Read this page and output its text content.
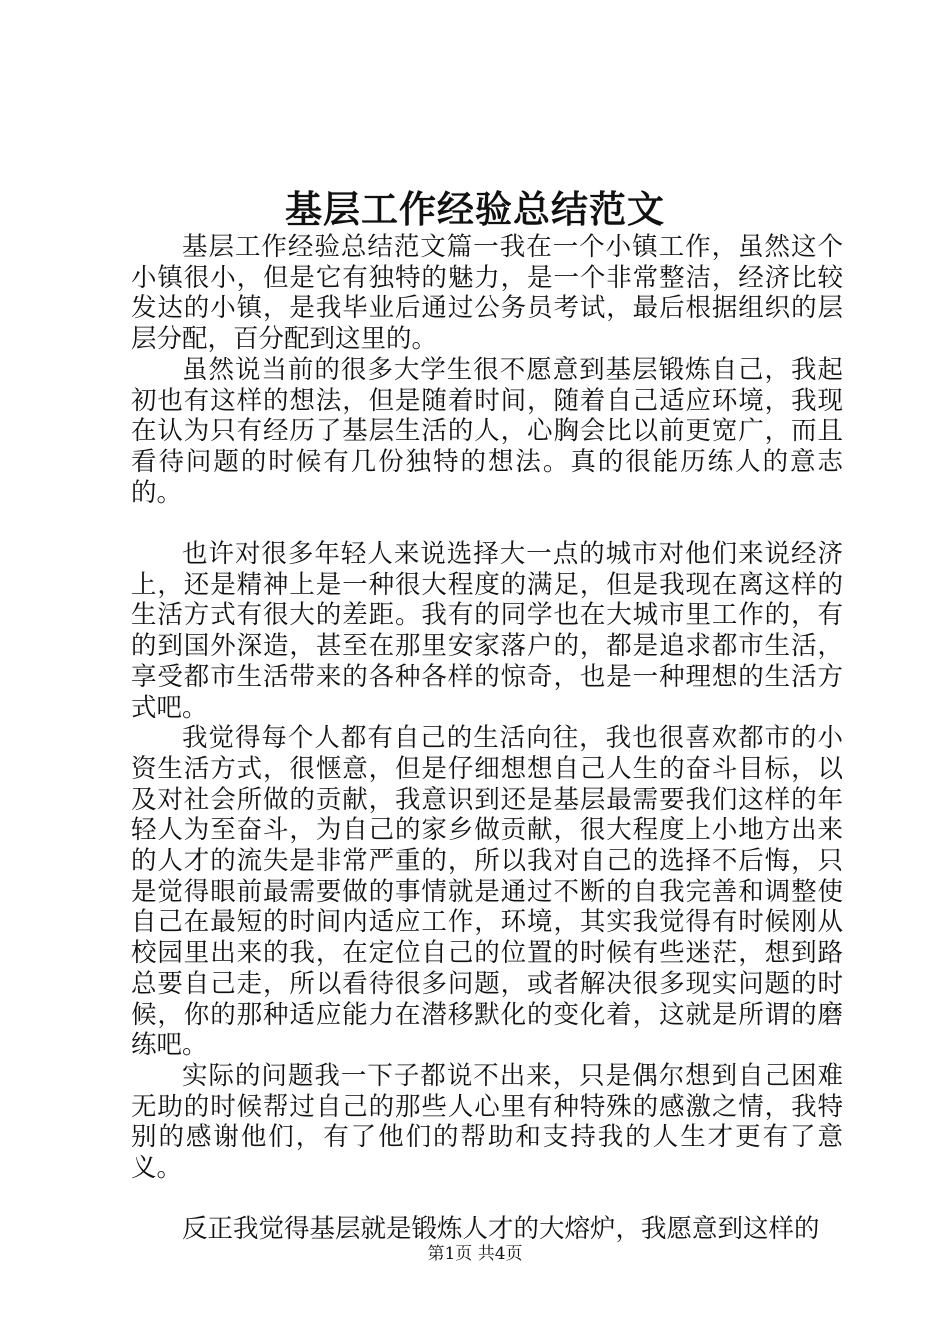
基层工作经验总结范文

基层工作经验总结范文篇一我在一个小镇工作，虽然这个小镇很小，但是它有独特的魅力，是一个非常整洁，经济比较发达的小镇，是我毕业后通过公务员考试，最后根据组织的层层分配，百分配到这里的。

虽然说当前的很多大学生很不愿意到基层锻炼自己，我起初也有这样的想法，但是随着时间，随着自己适应环境，我现在认为只有经历了基层生活的人，心胸会比以前更宽广，而且看待问题的时候有几份独特的想法。真的很能历练人的意志的。

也许对很多年轻人来说选择大一点的城市对他们来说经济上，还是精神上是一种很大程度的满足，但是我现在离这样的生活方式有很大的差距。我有的同学也在大城市里工作的，有的到国外深造，甚至在那里安家落户的，都是追求都市生活，享受都市生活带来的各种各样的惊奇，也是一种理想的生活方式吧。

我觉得每个人都有自己的生活向往，我也很喜欢都市的小资生活方式，很惬意，但是仔细想想自己人生的奋斗目标，以及对社会所做的贡献，我意识到还是基层最需要我们这样的年轻人为至奋斗，为自己的家乡做贡献，很大程度上小地方出来的人才的流失是非常严重的，所以我对自己的选择不后悔，只是觉得眼前最需要做的事情就是通过不断的自我完善和调整使自己在最短的时间内适应工作，环境，其实我觉得有时候刚从校园里出来的我，在定位自己的位置的时候有些迷茫，想到路总要自己走，所以看待很多问题，或者解决很多现实问题的时候，你的那种适应能力在潜移默化的变化着，这就是所谓的磨练吧。

实际的问题我一下子都说不出来，只是偶尔想到自己困难无助的时候帮过自己的那些人心里有种特殊的感激之情，我特别的感谢他们，有了他们的帮助和支持我的人生才更有了意义。

反正我觉得基层就是锻炼人才的大熔炉，我愿意到这样的

第1页 共4页
